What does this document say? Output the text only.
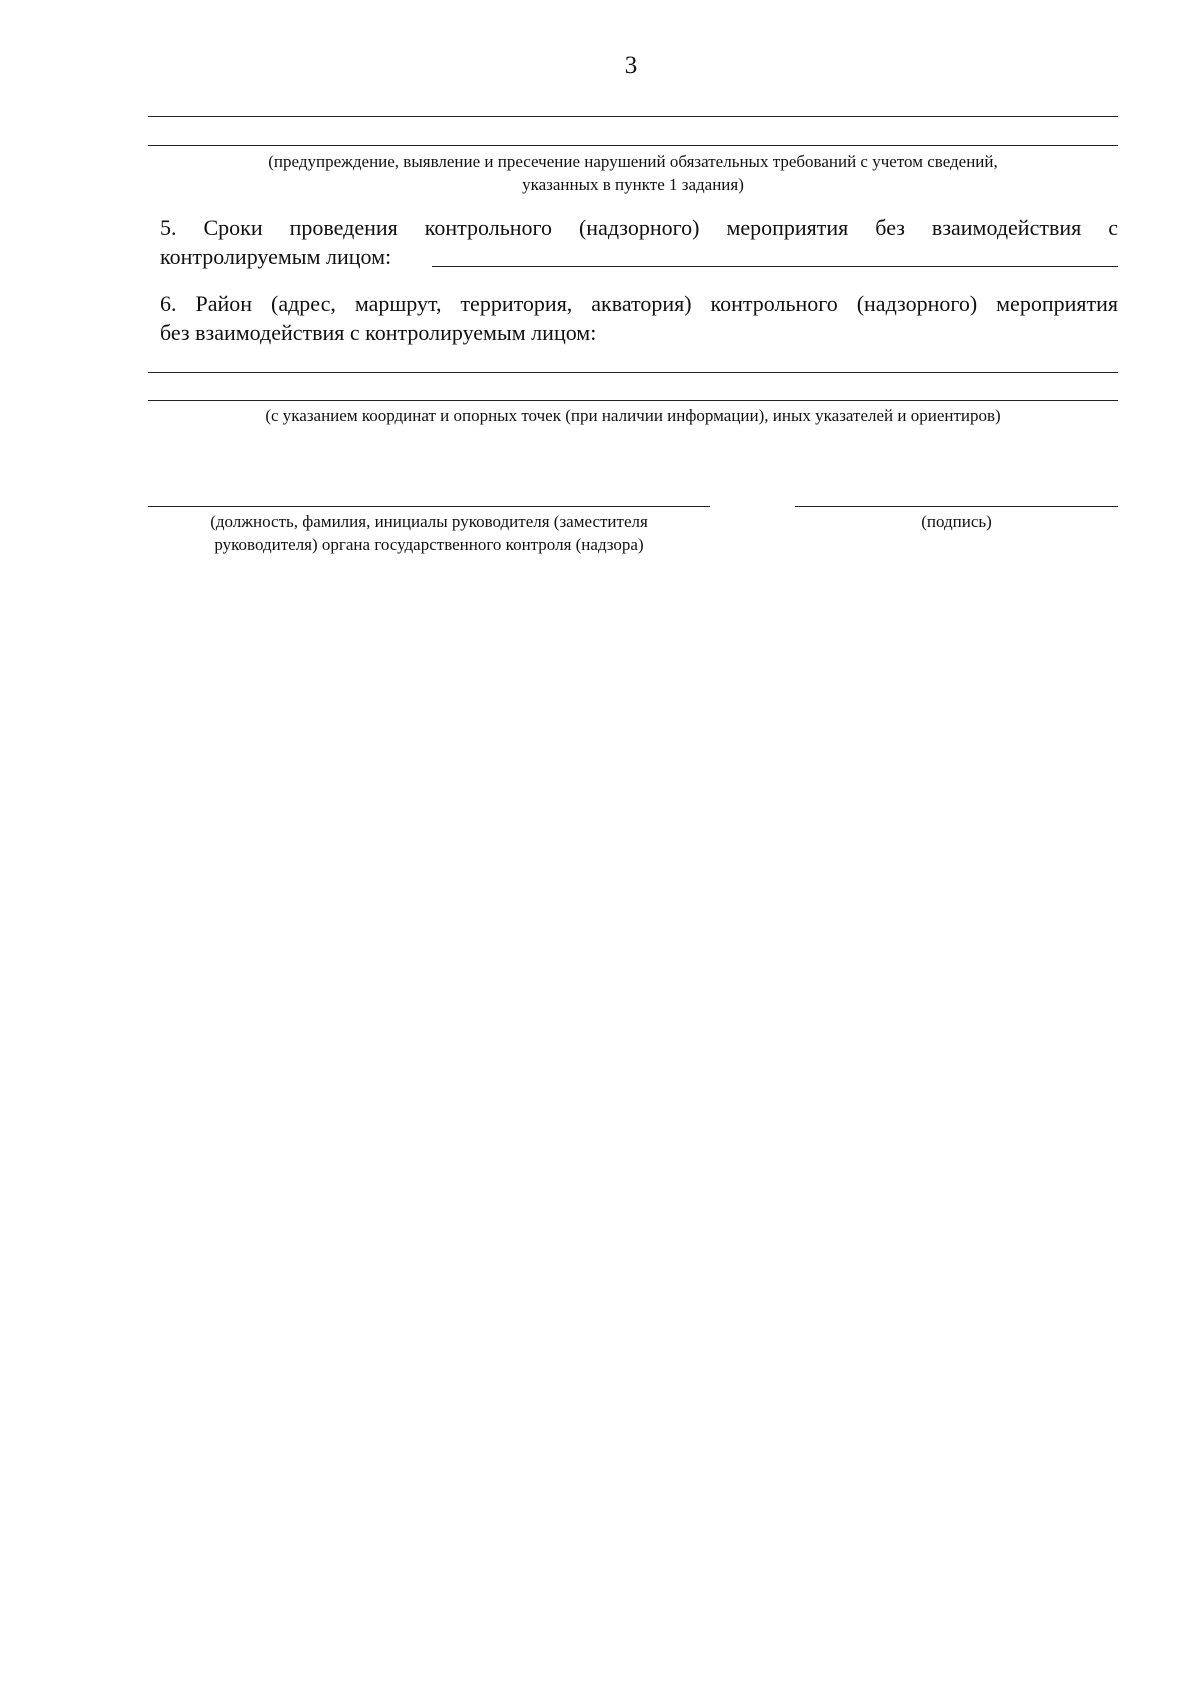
3
(предупреждение, выявление и пресечение нарушений обязательных требований с учетом сведений,
указанных в пункте 1 задания)
5. Сроки проведения контрольного (надзорного) мероприятия без взаимодействия с
контролируемым лицом:
6. Район (адрес, маршрут, территория, акватория) контрольного (надзорного) мероприятия
без взаимодействия с контролируемым лицом:
(с указанием координат и опорных точек (при наличии информации), иных указателей и ориентиров)
(должность, фамилия, инициалы руководителя (заместителя
руководителя) органа государственного контроля (надзора)
(подпись)
